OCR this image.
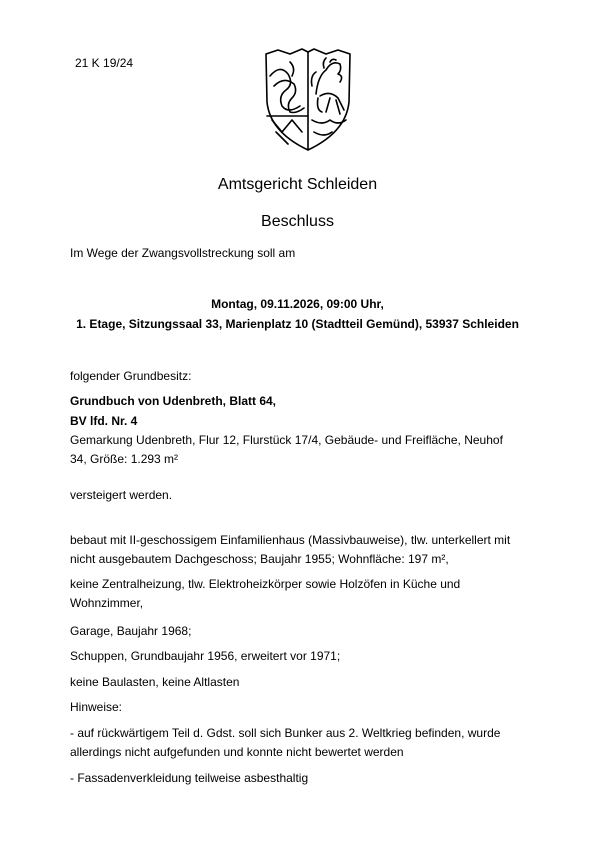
21 K 19/24
Amtsgericht Schleiden
Beschluss
Im Wege der Zwangsvollstreckung soll am
Montag, 09.11.2026, 09:00 Uhr,
1. Etage, Sitzungssaal 33, Marienplatz 10 (Stadtteil Gemünd), 53937 Schleiden
folgender Grundbesitz:
Grundbuch von Udenbreth, Blatt 64,
BV lfd. Nr. 4
Gemarkung Udenbreth, Flur 12, Flurstück 17/4, Gebäude- und Freifläche, Neuhof
34, Größe: 1.293 m²
versteigert werden.
bebaut mit II-geschossigem Einfamilienhaus (Massivbauweise), tlw. unterkellert mit
nicht ausgebautem Dachgeschoss; Baujahr 1955; Wohnfläche: 197 m²,
keine Zentralheizung, tlw. Elektroheizkörper sowie Holzöfen in Küche und
Wohnzimmer,
Garage, Baujahr 1968;
Schuppen, Grundbaujahr 1956, erweitert vor 1971;
keine Baulasten, keine Altlasten
Hinweise:
- auf rückwärtigem Teil d. Gdst. soll sich Bunker aus 2. Weltkrieg befinden, wurde
allerdings nicht aufgefunden und konnte nicht bewertet werden
- Fassadenverkleidung teilweise asbesthaltig
